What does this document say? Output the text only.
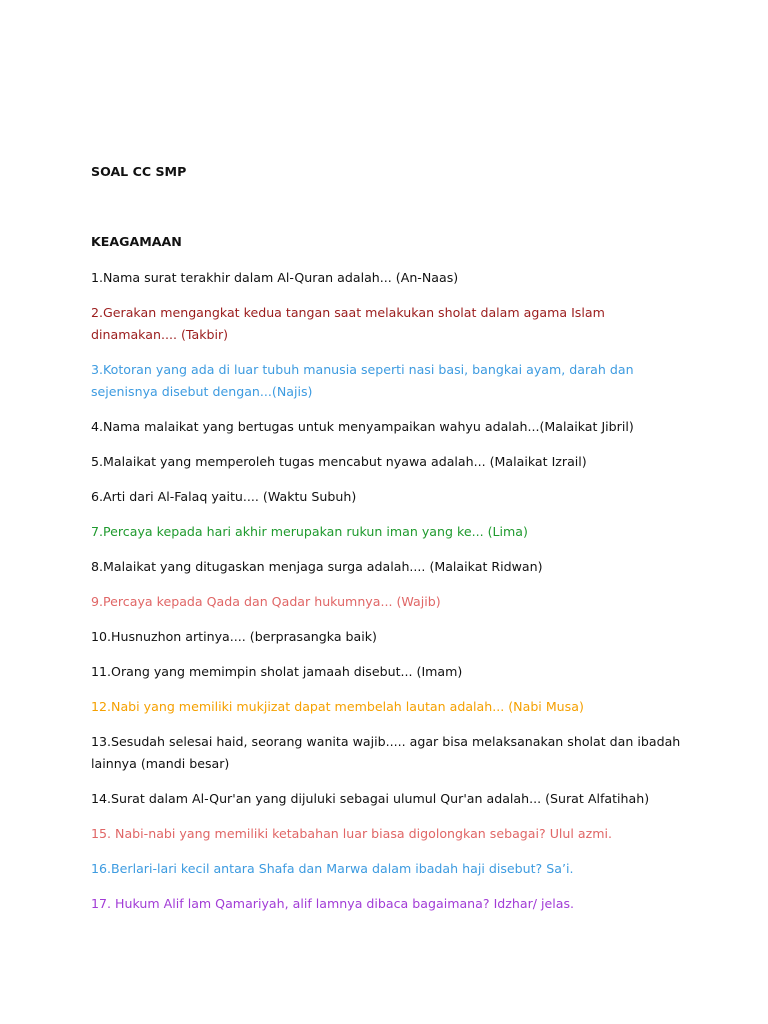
SOAL CC SMP

KEAGAMAAN

1.Nama surat terakhir dalam Al-Quran adalah... (An-Naas)
2.Gerakan mengangkat kedua tangan saat melakukan sholat dalam agama Islam dinamakan.... (Takbir)
3.Kotoran yang ada di luar tubuh manusia seperti nasi basi, bangkai ayam, darah dan sejenisnya disebut dengan...(Najis)
4.Nama malaikat yang bertugas untuk menyampaikan wahyu adalah...(Malaikat Jibril)
5.Malaikat yang memperoleh tugas mencabut nyawa adalah... (Malaikat Izrail)
6.Arti dari Al-Falaq yaitu.... (Waktu Subuh)
7.Percaya kepada hari akhir merupakan rukun iman yang ke... (Lima)
8.Malaikat yang ditugaskan menjaga surga adalah.... (Malaikat Ridwan)
9.Percaya kepada Qada dan Qadar hukumnya... (Wajib)
10.Husnuzhon artinya.... (berprasangka baik)
11.Orang yang memimpin sholat jamaah disebut... (Imam)
12.Nabi yang memiliki mukjizat dapat membelah lautan adalah... (Nabi Musa)
13.Sesudah selesai haid, seorang wanita wajib..... agar bisa melaksanakan sholat dan ibadah lainnya (mandi besar)
14.Surat dalam Al-Qur'an yang dijuluki sebagai ulumul Qur'an adalah... (Surat Alfatihah)
15. Nabi-nabi yang memiliki ketabahan luar biasa digolongkan sebagai? Ulul azmi.
16.Berlari-lari kecil antara Shafa dan Marwa dalam ibadah haji disebut? Sa’i.
17. Hukum Alif lam Qamariyah, alif lamnya dibaca bagaimana? Idzhar/ jelas.
